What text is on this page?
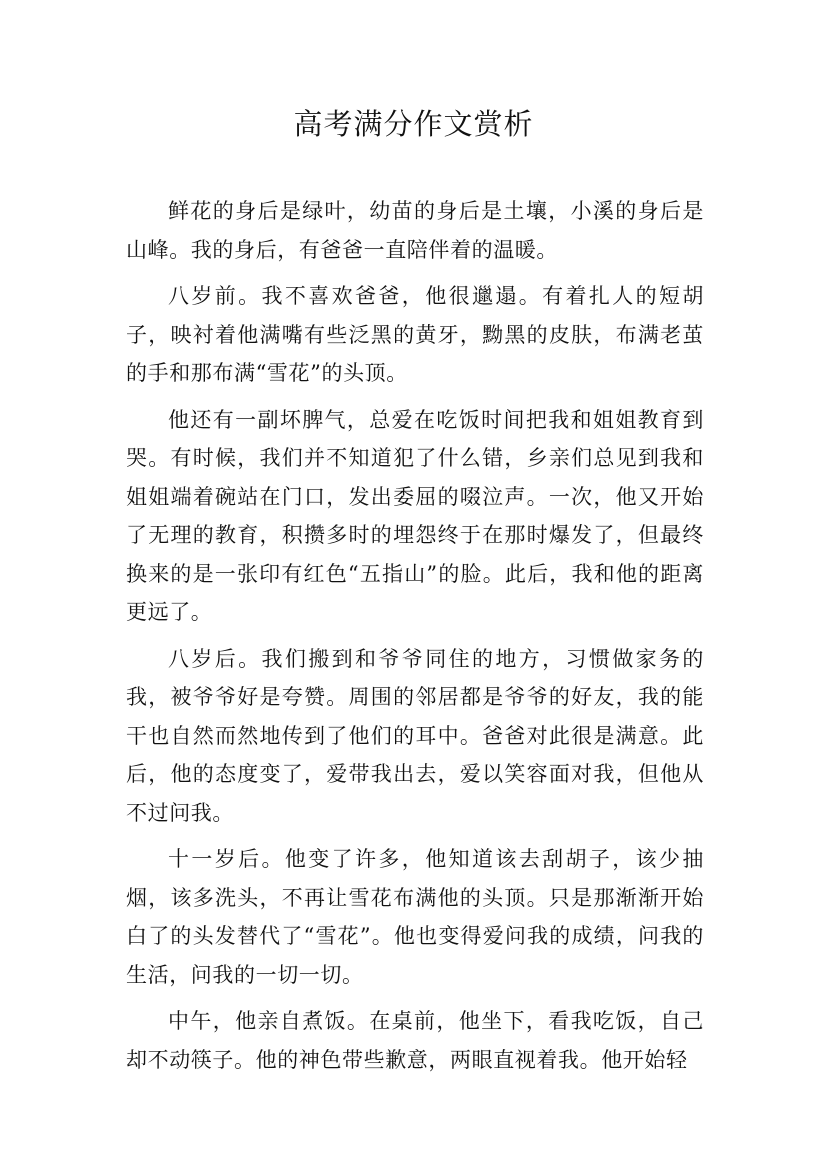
高考满分作文赏析

鲜花的身后是绿叶，幼苗的身后是土壤，小溪的身后是山峰。我的身后，有爸爸一直陪伴着的温暖。

八岁前。我不喜欢爸爸，他很邋遢。有着扎人的短胡子，映衬着他满嘴有些泛黑的黄牙，黝黑的皮肤，布满老茧的手和那布满“雪花”的头顶。

他还有一副坏脾气，总爱在吃饭时间把我和姐姐教育到哭。有时候，我们并不知道犯了什么错，乡亲们总见到我和姐姐端着碗站在门口，发出委屈的啜泣声。一次，他又开始了无理的教育，积攒多时的埋怨终于在那时爆发了，但最终换来的是一张印有红色“五指山”的脸。此后，我和他的距离更远了。

八岁后。我们搬到和爷爷同住的地方，习惯做家务的我，被爷爷好是夸赞。周围的邻居都是爷爷的好友，我的能干也自然而然地传到了他们的耳中。爸爸对此很是满意。此后，他的态度变了，爱带我出去，爱以笑容面对我，但他从不过问我。

十一岁后。他变了许多，他知道该去刮胡子，该少抽烟，该多洗头，不再让雪花布满他的头顶。只是那渐渐开始白了的头发替代了“雪花”。他也变得爱问我的成绩，问我的生活，问我的一切一切。

中午，他亲自煮饭。在桌前，他坐下，看我吃饭，自己却不动筷子。他的神色带些歉意，两眼直视着我。他开始轻
